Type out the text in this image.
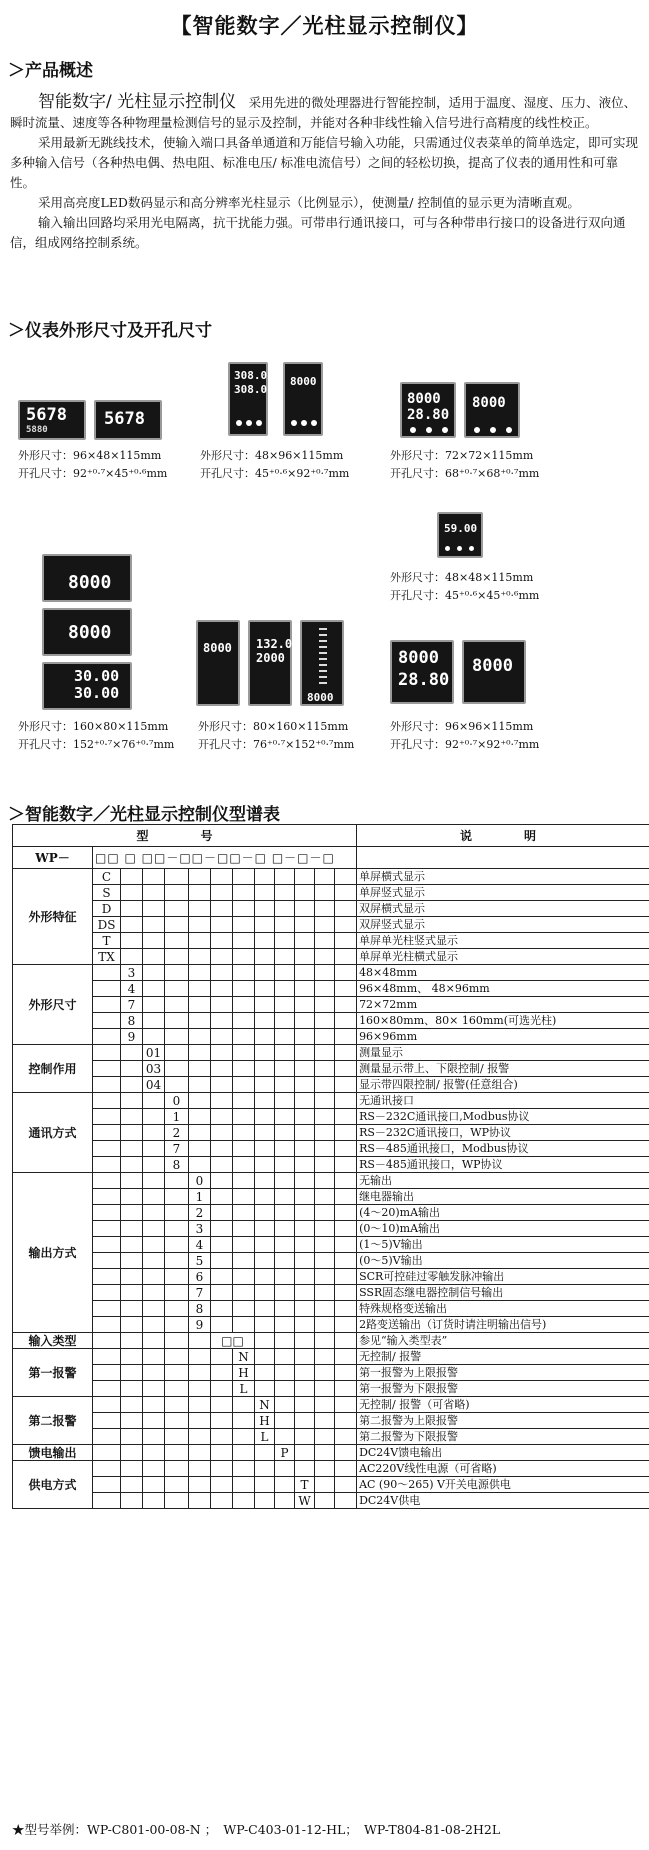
【智能数字／光柱显示控制仪】
＞产品概述

智能数字/ 光柱显示控制仪　 采用先进的微处理器进行智能控制，适用于温度、湿度、压力、液位、瞬时流量、速度等各种物理量检测信号的显示及控制，并能对各种非线性输入信号进行高精度的线性校正。

采用最新无跳线技术，使输入端口具备单通道和万能信号输入功能，只需通过仪表菜单的简单选定，即可实现多种输入信号（各种热电偶、热电阻、标准电压/ 标准电流信号）之间的轻松切换，提高了仪表的通用性和可靠性。

采用高亮度LED数码显示和高分辨率光柱显示（比例显示），使测量/ 控制值的显示更为清晰直观。

输入输出回路均采用光电隔离，抗干扰能力强。可带串行通讯接口，可与各种带串行接口的设备进行双向通信，组成网络控制系统。

＞仪表外形尺寸及开孔尺寸
5678
5880
5678
外形尺寸：96×48×115mm
开孔尺寸：92⁺⁰·⁷×45⁺⁰·⁶mm
308.0
308.0
8000
外形尺寸：48×96×115mm
开孔尺寸：45⁺⁰·⁶×92⁺⁰·⁷mm
8000
28.80
8000
外形尺寸：72×72×115mm
开孔尺寸：68⁺⁰·⁷×68⁺⁰·⁷mm
59.00
外形尺寸：48×48×115mm
开孔尺寸：45⁺⁰·⁶×45⁺⁰·⁶mm
8000
8000
30.00
30.00
外形尺寸：160×80×115mm
开孔尺寸：152⁺⁰·⁷×76⁺⁰·⁷mm
8000 132.0
2000
8000
外形尺寸：80×160×115mm
开孔尺寸：76⁺⁰·⁷×152⁺⁰·⁷mm
8000
28.80
8000
外形尺寸：96×96×115mm
开孔尺寸：92⁺⁰·⁷×92⁺⁰·⁷mm
＞智能数字／光柱显示控制仪型谱表
型　号													说　明
WP－	□□ □ □□－□□－□□－□ □－□－□												
外形特征	C												单屏横式显示
	S												单屏竖式显示
	D												双屏横式显示
	DS												双屏竖式显示
	T												单屏单光柱竖式显示
	TX												单屏单光柱横式显示
外形尺寸		3											48×48mm
		4											96×48mm、 48×96mm
		7											72×72mm
		8											160×80mm、80× 160mm(可选光柱)
		9											96×96mm
控制作用			01										测量显示
			03										测量显示带上、下限控制/ 报警
			04										显示带四限控制/ 报警(任意组合)
通讯方式				0									无通讯接口
				1									RS－232C通讯接口,Modbus协议
				2									RS－232C通讯接口，WP协议
				7									RS－485通讯接口，Modbus协议
				8									RS－485通讯接口，WP协议
输出方式					0								无输出
					1								继电器输出
					2								(4～20)mA输出
					3								(0～10)mA输出
					4								(1～5)V输出
					5								(0～5)V输出
					6								SCR可控硅过零触发脉冲输出
					7								SSR固态继电器控制信号输出
					8								特殊规格变送输出
					9								2路变送输出（订货时请注明输出信号)
输入类型						□□							参见“输入类型表”
第一报警							N						无控制/ 报警
							H						第一报警为上限报警
							L						第一报警为下限报警
第二报警								N					无控制/ 报警（可省略)
								H					第二报警为上限报警
								L					第二报警为下限报警
馈电输出									P				DC24V馈电输出
供电方式													AC220V线性电源（可省略)
										T			AC (90～265) V开关电源供电
										W			DC24V供电
★型号举例：WP-C801-00-08-N ；　WP-C403-01-12-HL；　WP-T804-81-08-2H2L
